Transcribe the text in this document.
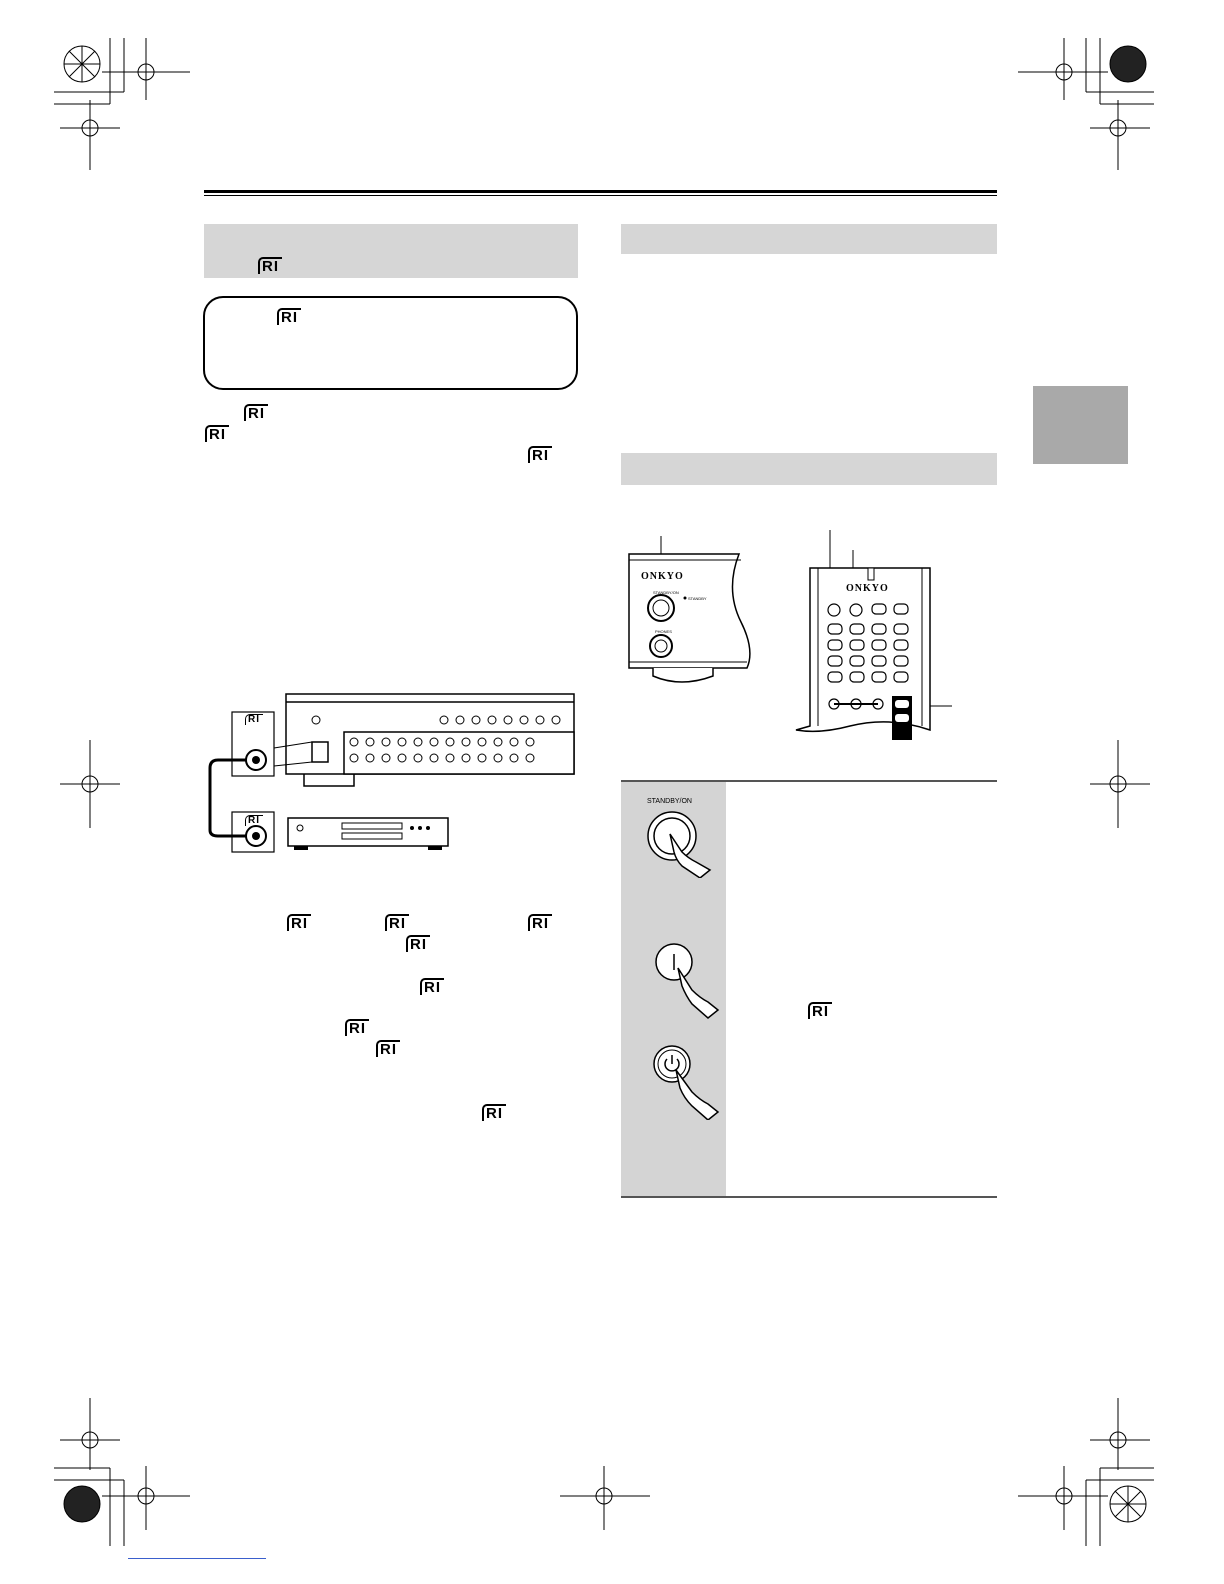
RI
RI
RI
RI
RI
RI
RI
RI	RI	RI
RI
RI
RI
RI
RI
ONKYO
STANDBY/ON
STANDBY
PHONES
ONKYO
STANDBY/ON
RI
